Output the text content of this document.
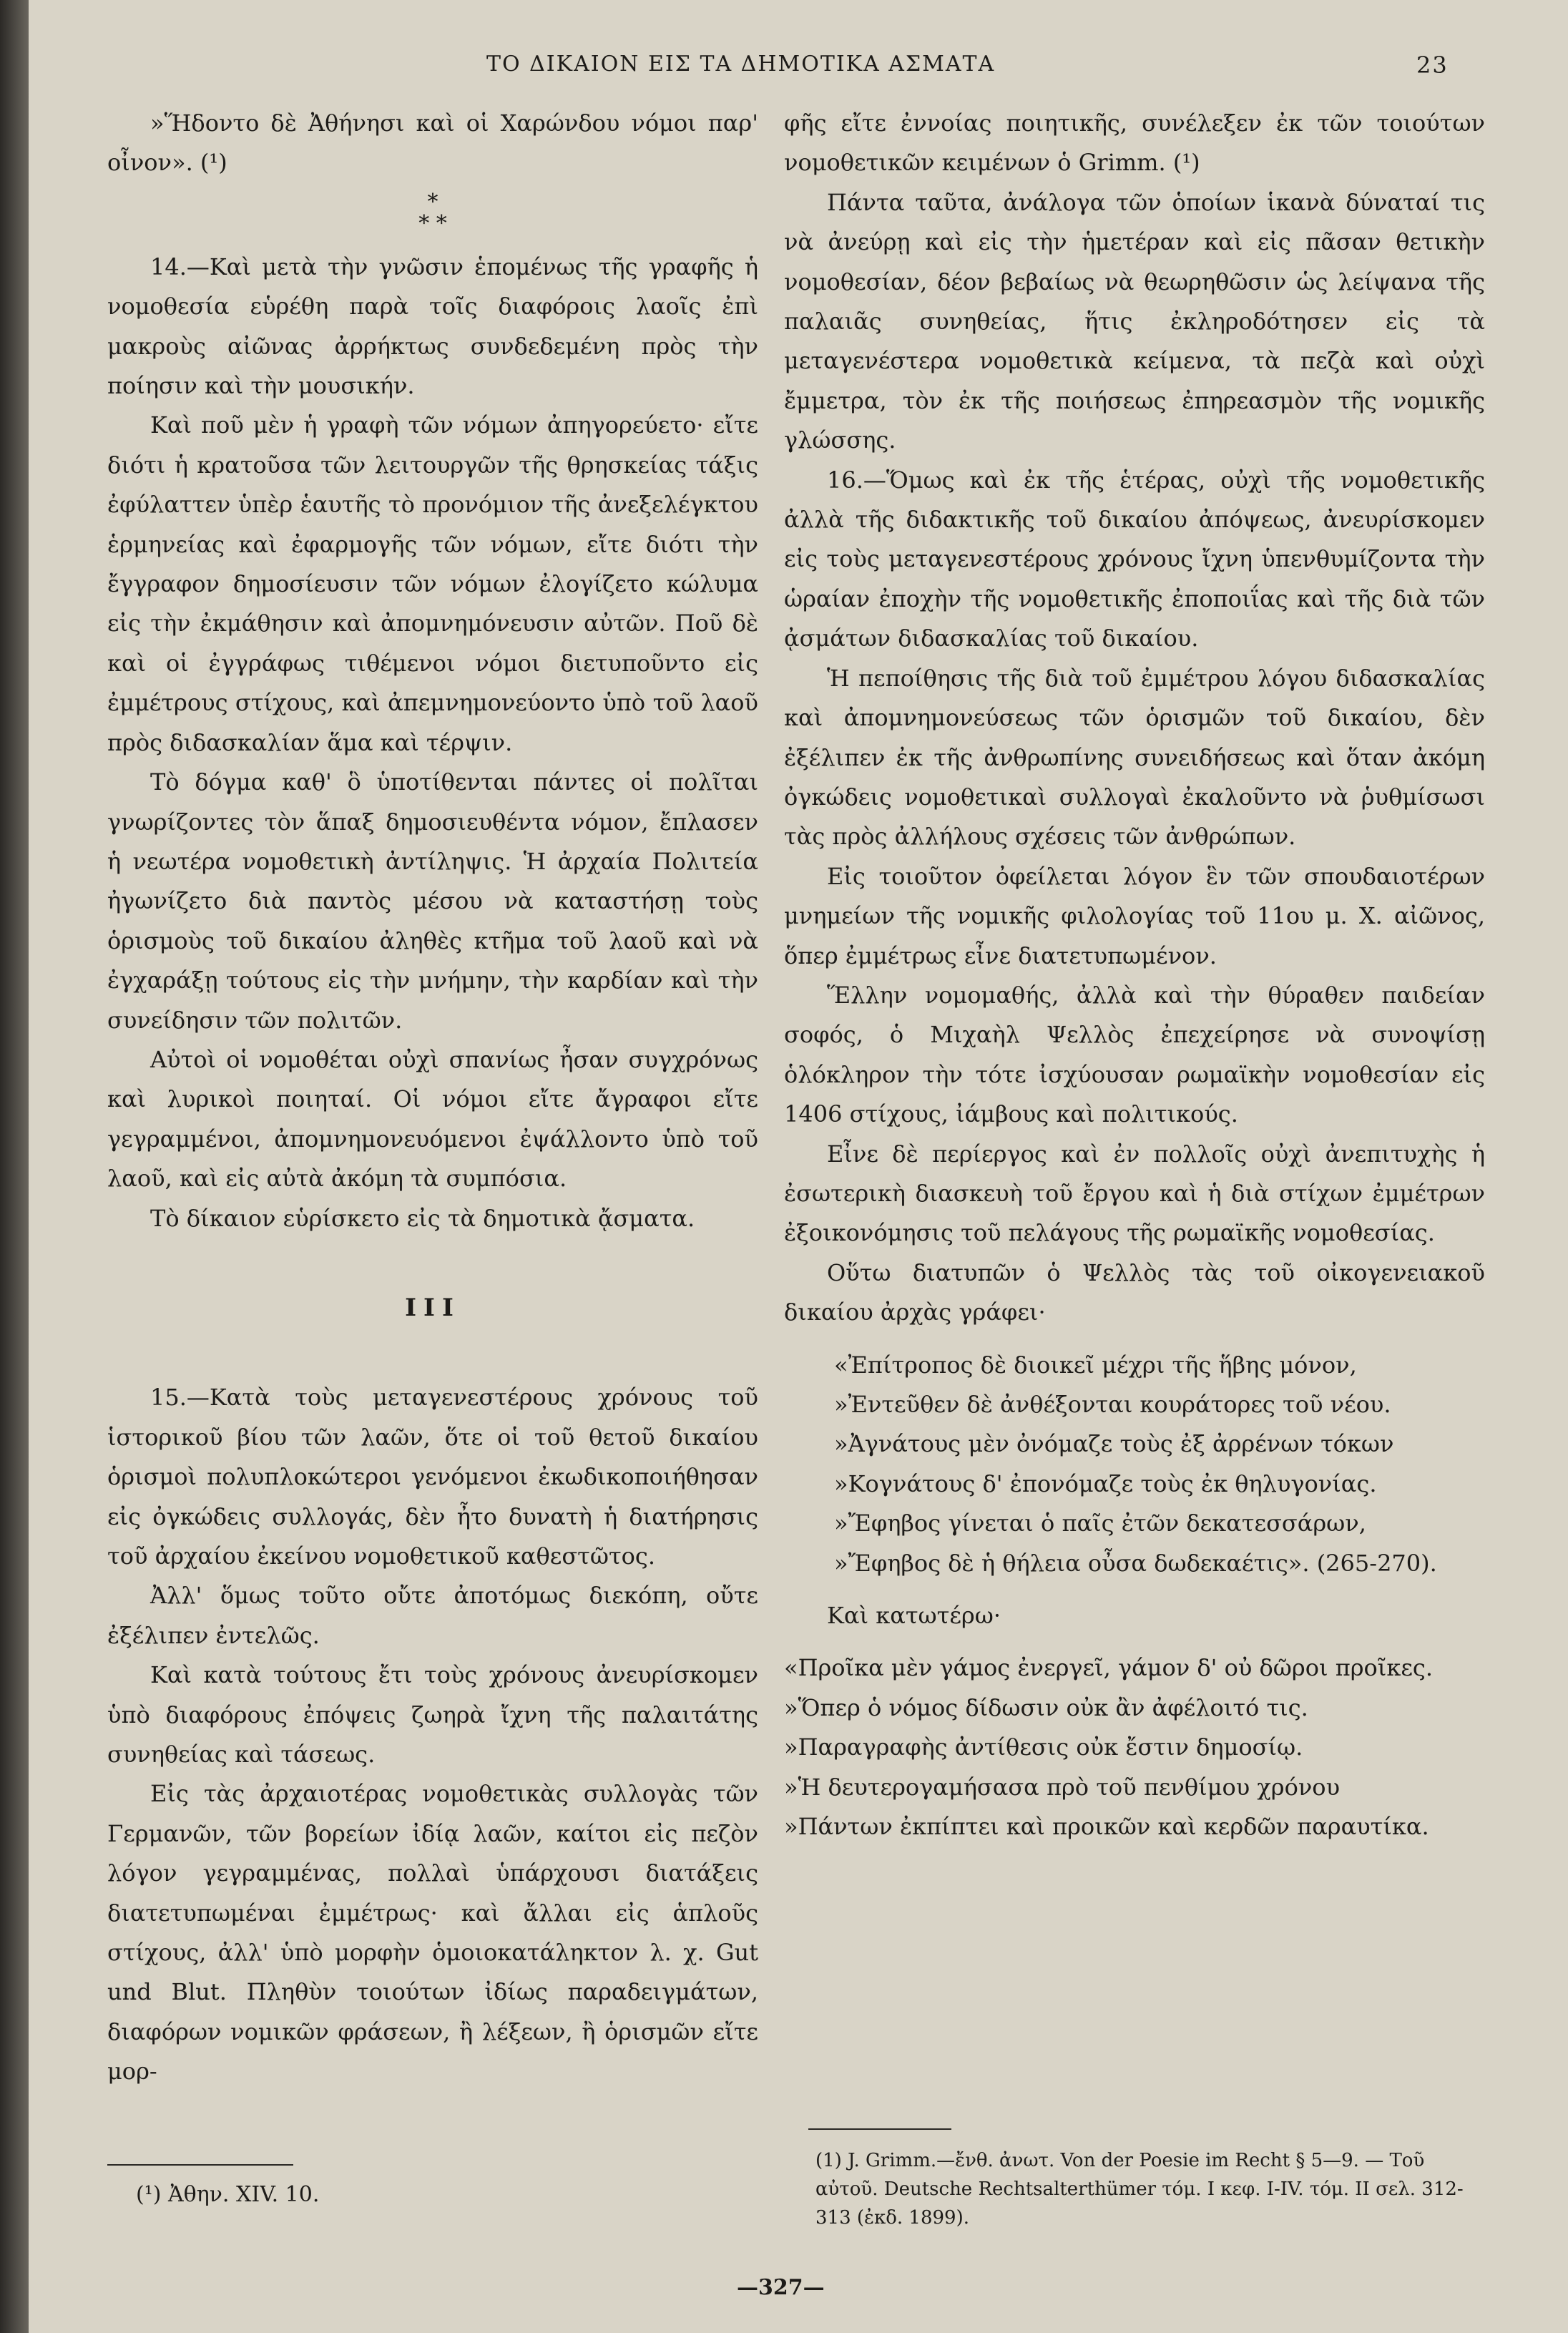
ΤΟ ΔΙΚΑΙΟΝ ΕΙΣ ΤΑ ΔΗΜΟΤΙΚΑ ΑΣΜΑΤΑ	23

»Ἥδοντο δὲ Ἀθήνησι καὶ οἱ Χαρώνδου νόμοι παρ' οἶνον». (¹)

*
* *

14.—Καὶ μετὰ τὴν γνῶσιν ἑπομένως τῆς γραφῆς ἡ νομοθεσία εὑρέθη παρὰ τοῖς διαφόροις λαοῖς ἐπὶ μακροὺς αἰῶνας ἀρρήκτως συνδεδεμένη πρὸς τὴν ποίησιν καὶ τὴν μουσικήν.

Καὶ ποῦ μὲν ἡ γραφὴ τῶν νόμων ἀπηγορεύετο· εἴτε διότι ἡ κρατοῦσα τῶν λειτουργῶν τῆς θρησκείας τάξις ἐφύλαττεν ὑπὲρ ἑαυτῆς τὸ προνόμιον τῆς ἀνεξελέγκτου ἑρμηνείας καὶ ἐφαρμογῆς τῶν νόμων, εἴτε διότι τὴν ἔγγραφον δημοσίευσιν τῶν νόμων ἐλογίζετο κώλυμα εἰς τὴν ἐκμάθησιν καὶ ἀπομνημόνευσιν αὐτῶν. Ποῦ δὲ καὶ οἱ ἐγγράφως τιθέμενοι νόμοι διετυποῦντο εἰς ἐμμέτρους στίχους, καὶ ἀπεμνημονεύοντο ὑπὸ τοῦ λαοῦ πρὸς διδασκαλίαν ἅμα καὶ τέρψιν.

Τὸ δόγμα καθ' ὃ ὑποτίθενται πάντες οἱ πολῖται γνωρίζοντες τὸν ἅπαξ δημοσιευθέντα νόμον, ἔπλασεν ἡ νεωτέρα νομοθετικὴ ἀντίληψις. Ἡ ἀρχαία Πολιτεία ἠγωνίζετο διὰ παντὸς μέσου νὰ καταστήσῃ τοὺς ὁρισμοὺς τοῦ δικαίου ἀληθὲς κτῆμα τοῦ λαοῦ καὶ νὰ ἐγχαράξῃ τούτους εἰς τὴν μνήμην, τὴν καρδίαν καὶ τὴν συνείδησιν τῶν πολιτῶν.

Αὐτοὶ οἱ νομοθέται οὐχὶ σπανίως ἦσαν συγχρόνως καὶ λυρικοὶ ποιηταί. Οἱ νόμοι εἴτε ἄγραφοι εἴτε γεγραμμένοι, ἀπομνημονευόμενοι ἐψάλλοντο ὑπὸ τοῦ λαοῦ, καὶ εἰς αὐτὰ ἀκόμη τὰ συμπόσια.

Τὸ δίκαιον εὑρίσκετο εἰς τὰ δημοτικὰ ᾄσματα.

III

15.—Κατὰ τοὺς μεταγενεστέρους χρόνους τοῦ ἱστορικοῦ βίου τῶν λαῶν, ὅτε οἱ τοῦ θετοῦ δικαίου ὁρισμοὶ πολυπλοκώτεροι γενόμενοι ἐκωδικοποιήθησαν εἰς ὀγκώδεις συλλογάς, δὲν ἦτο δυνατὴ ἡ διατήρησις τοῦ ἀρχαίου ἐκείνου νομοθετικοῦ καθεστῶτος.

Ἀλλ' ὅμως τοῦτο οὔτε ἀποτόμως διεκόπη, οὔτε ἐξέλιπεν ἐντελῶς.

Καὶ κατὰ τούτους ἔτι τοὺς χρόνους ἀνευρίσκομεν ὑπὸ διαφόρους ἐπόψεις ζωηρὰ ἴχνη τῆς παλαιτάτης συνηθείας καὶ τάσεως.

Εἰς τὰς ἀρχαιοτέρας νομοθετικὰς συλλογὰς τῶν Γερμανῶν, τῶν βορείων ἰδίᾳ λαῶν, καίτοι εἰς πεζὸν λόγον γεγραμμένας, πολλαὶ ὑπάρχουσι διατάξεις διατετυπωμέναι ἐμμέτρως· καὶ ἄλλαι εἰς ἁπλοῦς στίχους, ἀλλ' ὑπὸ μορφὴν ὁμοιοκατάληκτον λ. χ. Gut und Blut. Πληθὺν τοιούτων ἰδίως παραδειγμάτων, διαφόρων νομικῶν φράσεων, ἢ λέξεων, ἢ ὁρισμῶν εἴτε μορ-

(¹) Ἀθην. XIV. 10.

φῆς εἴτε ἐννοίας ποιητικῆς, συνέλεξεν ἐκ τῶν τοιούτων νομοθετικῶν κειμένων ὁ Grimm. (¹)

Πάντα ταῦτα, ἀνάλογα τῶν ὁποίων ἱκανὰ δύναταί τις νὰ ἀνεύρῃ καὶ εἰς τὴν ἡμετέραν καὶ εἰς πᾶσαν θετικὴν νομοθεσίαν, δέον βεβαίως νὰ θεωρηθῶσιν ὡς λείψανα τῆς παλαιᾶς συνηθείας, ἥτις ἐκληροδότησεν εἰς τὰ μεταγενέστερα νομοθετικὰ κείμενα, τὰ πεζὰ καὶ οὐχὶ ἔμμετρα, τὸν ἐκ τῆς ποιήσεως ἐπηρεασμὸν τῆς νομικῆς γλώσσης.

16.—Ὅμως καὶ ἐκ τῆς ἑτέρας, οὐχὶ τῆς νομοθετικῆς ἀλλὰ τῆς διδακτικῆς τοῦ δικαίου ἀπόψεως, ἀνευρίσκομεν εἰς τοὺς μεταγενεστέρους χρόνους ἴχνη ὑπενθυμίζοντα τὴν ὡραίαν ἐποχὴν τῆς νομοθετικῆς ἐποποιΐας καὶ τῆς διὰ τῶν ᾀσμάτων διδασκαλίας τοῦ δικαίου.

Ἡ πεποίθησις τῆς διὰ τοῦ ἐμμέτρου λόγου διδασκαλίας καὶ ἀπομνημονεύσεως τῶν ὁρισμῶν τοῦ δικαίου, δὲν ἐξέλιπεν ἐκ τῆς ἀνθρωπίνης συνειδήσεως καὶ ὅταν ἀκόμη ὀγκώδεις νομοθετικαὶ συλλογαὶ ἐκαλοῦντο νὰ ῥυθμίσωσι τὰς πρὸς ἀλλήλους σχέσεις τῶν ἀνθρώπων.

Εἰς τοιοῦτον ὀφείλεται λόγον ἓν τῶν σπουδαιοτέρων μνημείων τῆς νομικῆς φιλολογίας τοῦ 11ου μ. Χ. αἰῶνος, ὅπερ ἐμμέτρως εἶνε διατετυπωμένον.

Ἕλλην νομομαθής, ἀλλὰ καὶ τὴν θύραθεν παιδείαν σοφός, ὁ Μιχαὴλ Ψελλὸς ἐπεχείρησε νὰ συνοψίσῃ ὁλόκληρον τὴν τότε ἰσχύουσαν ρωμαϊκὴν νομοθεσίαν εἰς 1406 στίχους, ἰάμβους καὶ πολιτικούς.

Εἶνε δὲ περίεργος καὶ ἐν πολλοῖς οὐχὶ ἀνεπιτυχὴς ἡ ἐσωτερικὴ διασκευὴ τοῦ ἔργου καὶ ἡ διὰ στίχων ἐμμέτρων ἐξοικονόμησις τοῦ πελάγους τῆς ρωμαϊκῆς νομοθεσίας.

Οὕτω διατυπῶν ὁ Ψελλὸς τὰς τοῦ οἰκογενειακοῦ δικαίου ἀρχὰς γράφει·

«Ἐπίτροπος δὲ διοικεῖ μέχρι τῆς ἥβης μόνον,

»Ἐντεῦθεν δὲ ἀνθέξονται κουράτορες τοῦ νέου.

»Ἀγνάτους μὲν ὀνόμαζε τοὺς ἐξ ἀρρένων τόκων

»Κογνάτους δ' ἐπονόμαζε τοὺς ἐκ θηλυγονίας.

»Ἔφηβος γίνεται ὁ παῖς ἐτῶν δεκατεσσάρων,

»Ἔφηβος δὲ ἡ θήλεια οὖσα δωδεκαέτις». (265-270).

Καὶ κατωτέρω·

«Προῖκα μὲν γάμος ἐνεργεῖ, γάμον δ' οὐ δῶροι προῖκες.

»Ὅπερ ὁ νόμος δίδωσιν οὐκ ἂν ἀφέλοιτό τις.

»Παραγραφὴς ἀντίθεσις οὐκ ἔστιν δημοσίῳ.

»Ἡ δευτερογαμήσασα πρὸ τοῦ πενθίμου χρόνου

»Πάντων ἐκπίπτει καὶ προικῶν καὶ κερδῶν παραυτίκα.

(1) J. Grimm.—ἔνθ. ἀνωτ. Von der Poesie im Recht § 5—9. — Τοῦ αὐτοῦ. Deutsche Rechtsalterthümer τόμ. I κεφ. I-IV. τόμ. II σελ. 312-313 (ἐκδ. 1899).
—327—
